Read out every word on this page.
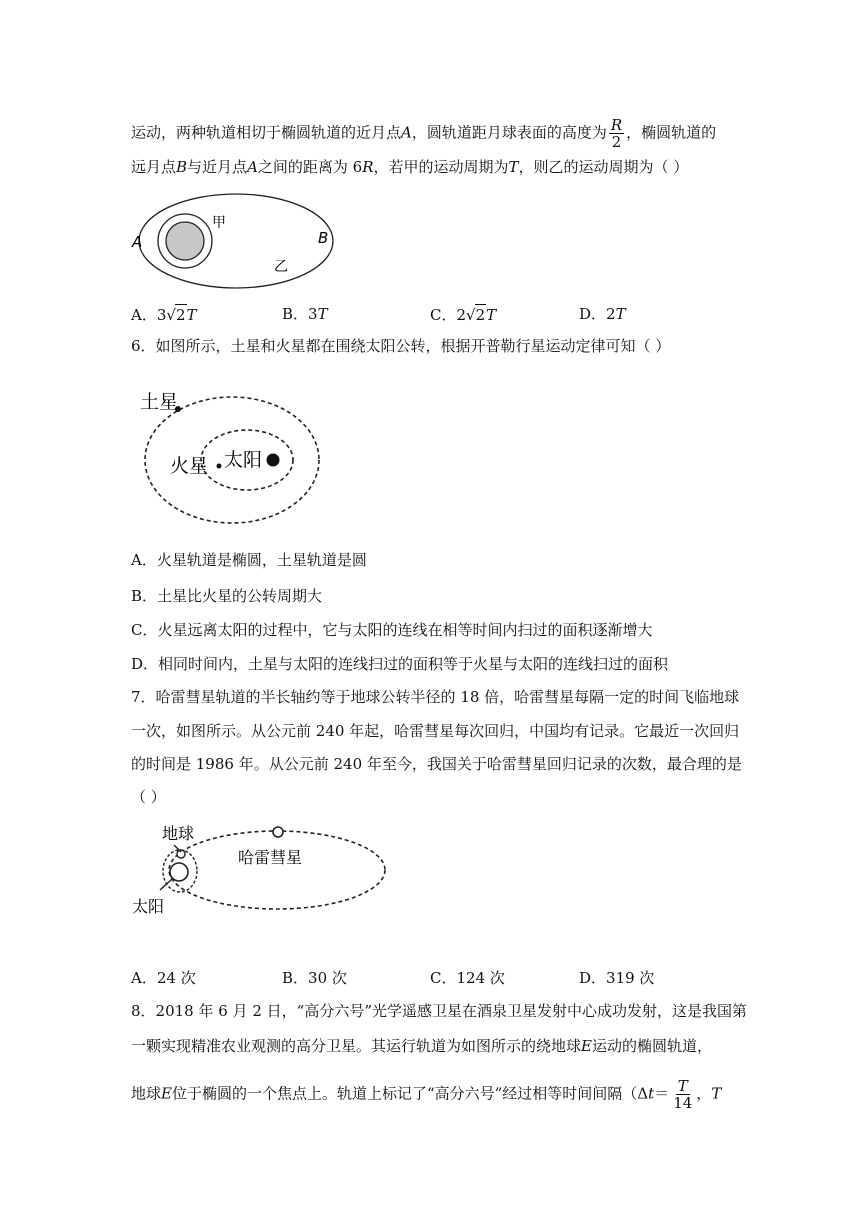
运动，两种轨道相切于椭圆轨道的近月点A，圆轨道距月球表面的高度为 $\frac{R}{2}$ ，椭圆轨道的
远月点B与近月点A之间的距离为 6R，若甲的运动周期为T，则乙的运动周期为（ ）
甲
乙
A	B
A．3√2T	B．3T	C．2√2T	D．2T
6．如图所示，土星和火星都在围绕太阳公转，根据开普勒行星运动定律可知（ ）
土星
火星 太阳
A．火星轨道是椭圆，土星轨道是圆
B．土星比火星的公转周期大
C．火星远离太阳的过程中，它与太阳的连线在相等时间内扫过的面积逐渐增大
D．相同时间内，土星与太阳的连线扫过的面积等于火星与太阳的连线扫过的面积
7．哈雷彗星轨道的半长轴约等于地球公转半径的 18 倍，哈雷彗星每隔一定的时间飞临地球
一次，如图所示。从公元前 240 年起，哈雷彗星每次回归，中国均有记录。它最近一次回归
的时间是 1986 年。从公元前 240 年至今，我国关于哈雷彗星回归记录的次数，最合理的是
（ ）
地球
哈雷彗星
太阳
A．24 次	B．30 次	C．124 次	D．319 次
8．2018 年 6 月 2 日，“高分六号”光学遥感卫星在酒泉卫星发射中心成功发射，这是我国第
一颗实现精准农业观测的高分卫星。其运行轨道为如图所示的绕地球E运动的椭圆轨道，
地球E位于椭圆的一个焦点上。轨道上标记了“高分六号”经过相等时间间隔（$\Delta t= \frac{T}{14}$ ，T
